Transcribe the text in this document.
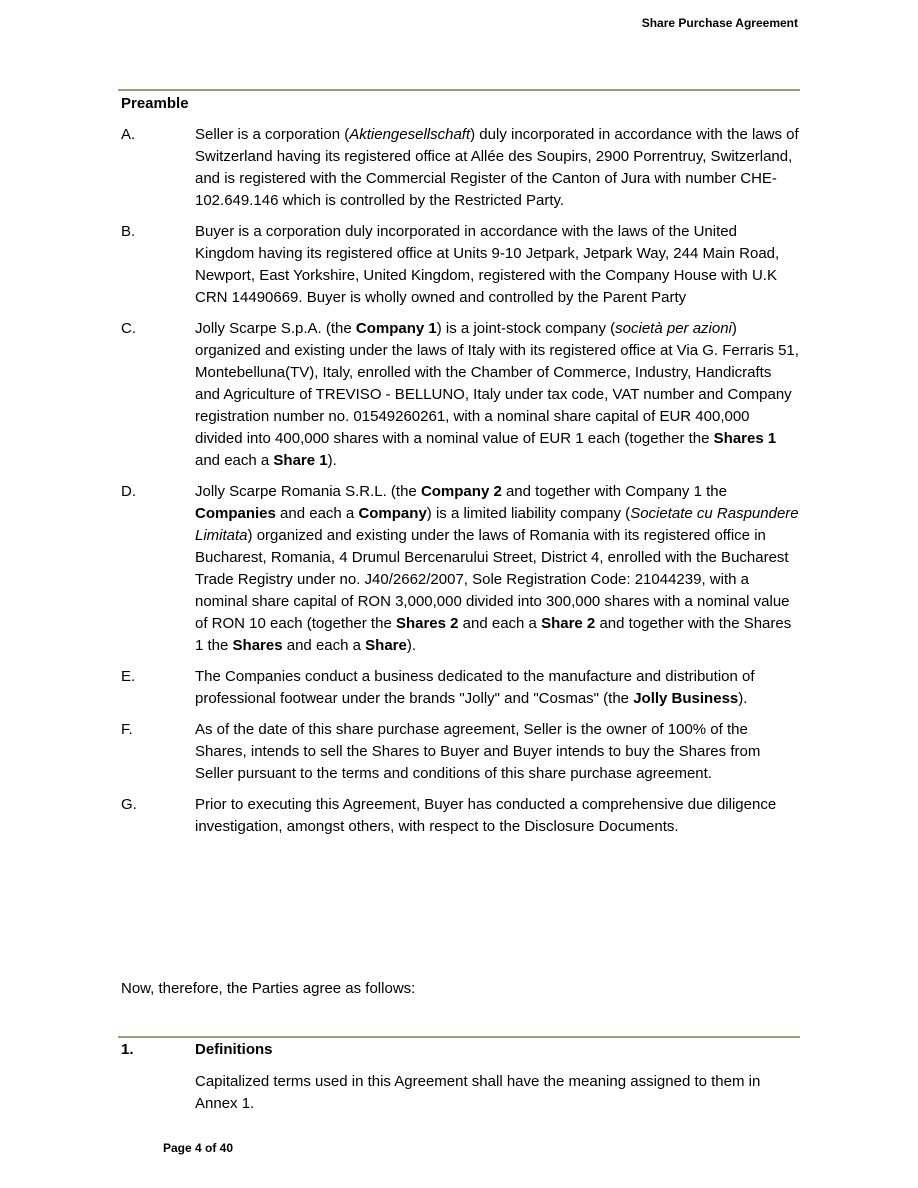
Share Purchase Agreement
Preamble
A.	Seller is a corporation (Aktiengesellschaft) duly incorporated in accordance with the laws of Switzerland having its registered office at Allée des Soupirs, 2900 Porrentruy, Switzerland, and is registered with the Commercial Register of the Canton of Jura with number CHE-102.649.146 which is controlled by the Restricted Party.
B.	Buyer is a corporation duly incorporated in accordance with the laws of the United Kingdom having its registered office at Units 9-10 Jetpark, Jetpark Way, 244 Main Road, Newport, East Yorkshire, United Kingdom, registered with the Company House with U.K CRN 14490669. Buyer is wholly owned and controlled by the Parent Party
C.	Jolly Scarpe S.p.A. (the Company 1) is a joint-stock company (società per azioni) organized and existing under the laws of Italy with its registered office at Via G. Ferraris 51, Montebelluna(TV), Italy, enrolled with the Chamber of Commerce, Industry, Handicrafts and Agriculture of TREVISO - BELLUNO, Italy under tax code, VAT number and Company registration number no. 01549260261, with a nominal share capital of EUR 400,000 divided into 400,000 shares with a nominal value of EUR 1 each (together the Shares 1 and each a Share 1).
D.	Jolly Scarpe Romania S.R.L. (the Company 2 and together with Company 1 the Companies and each a Company) is a limited liability company (Societate cu Raspundere Limitata) organized and existing under the laws of Romania with its registered office in Bucharest, Romania, 4 Drumul Bercenarului Street, District 4, enrolled with the Bucharest Trade Registry under no. J40/2662/2007, Sole Registration Code: 21044239, with a nominal share capital of RON 3,000,000 divided into 300,000 shares with a nominal value of RON 10 each (together the Shares 2 and each a Share 2 and together with the Shares 1 the Shares and each a Share).
E.	The Companies conduct a business dedicated to the manufacture and distribution of professional footwear under the brands "Jolly" and "Cosmas" (the Jolly Business).
F.	As of the date of this share purchase agreement, Seller is the owner of 100% of the Shares, intends to sell the Shares to Buyer and Buyer intends to buy the Shares from Seller pursuant to the terms and conditions of this share purchase agreement.
G.	Prior to executing this Agreement, Buyer has conducted a comprehensive due diligence investigation, amongst others, with respect to the Disclosure Documents.
Now, therefore, the Parties agree as follows:
1.	Definitions
Capitalized terms used in this Agreement shall have the meaning assigned to them in Annex 1.
Page 4 of 40
